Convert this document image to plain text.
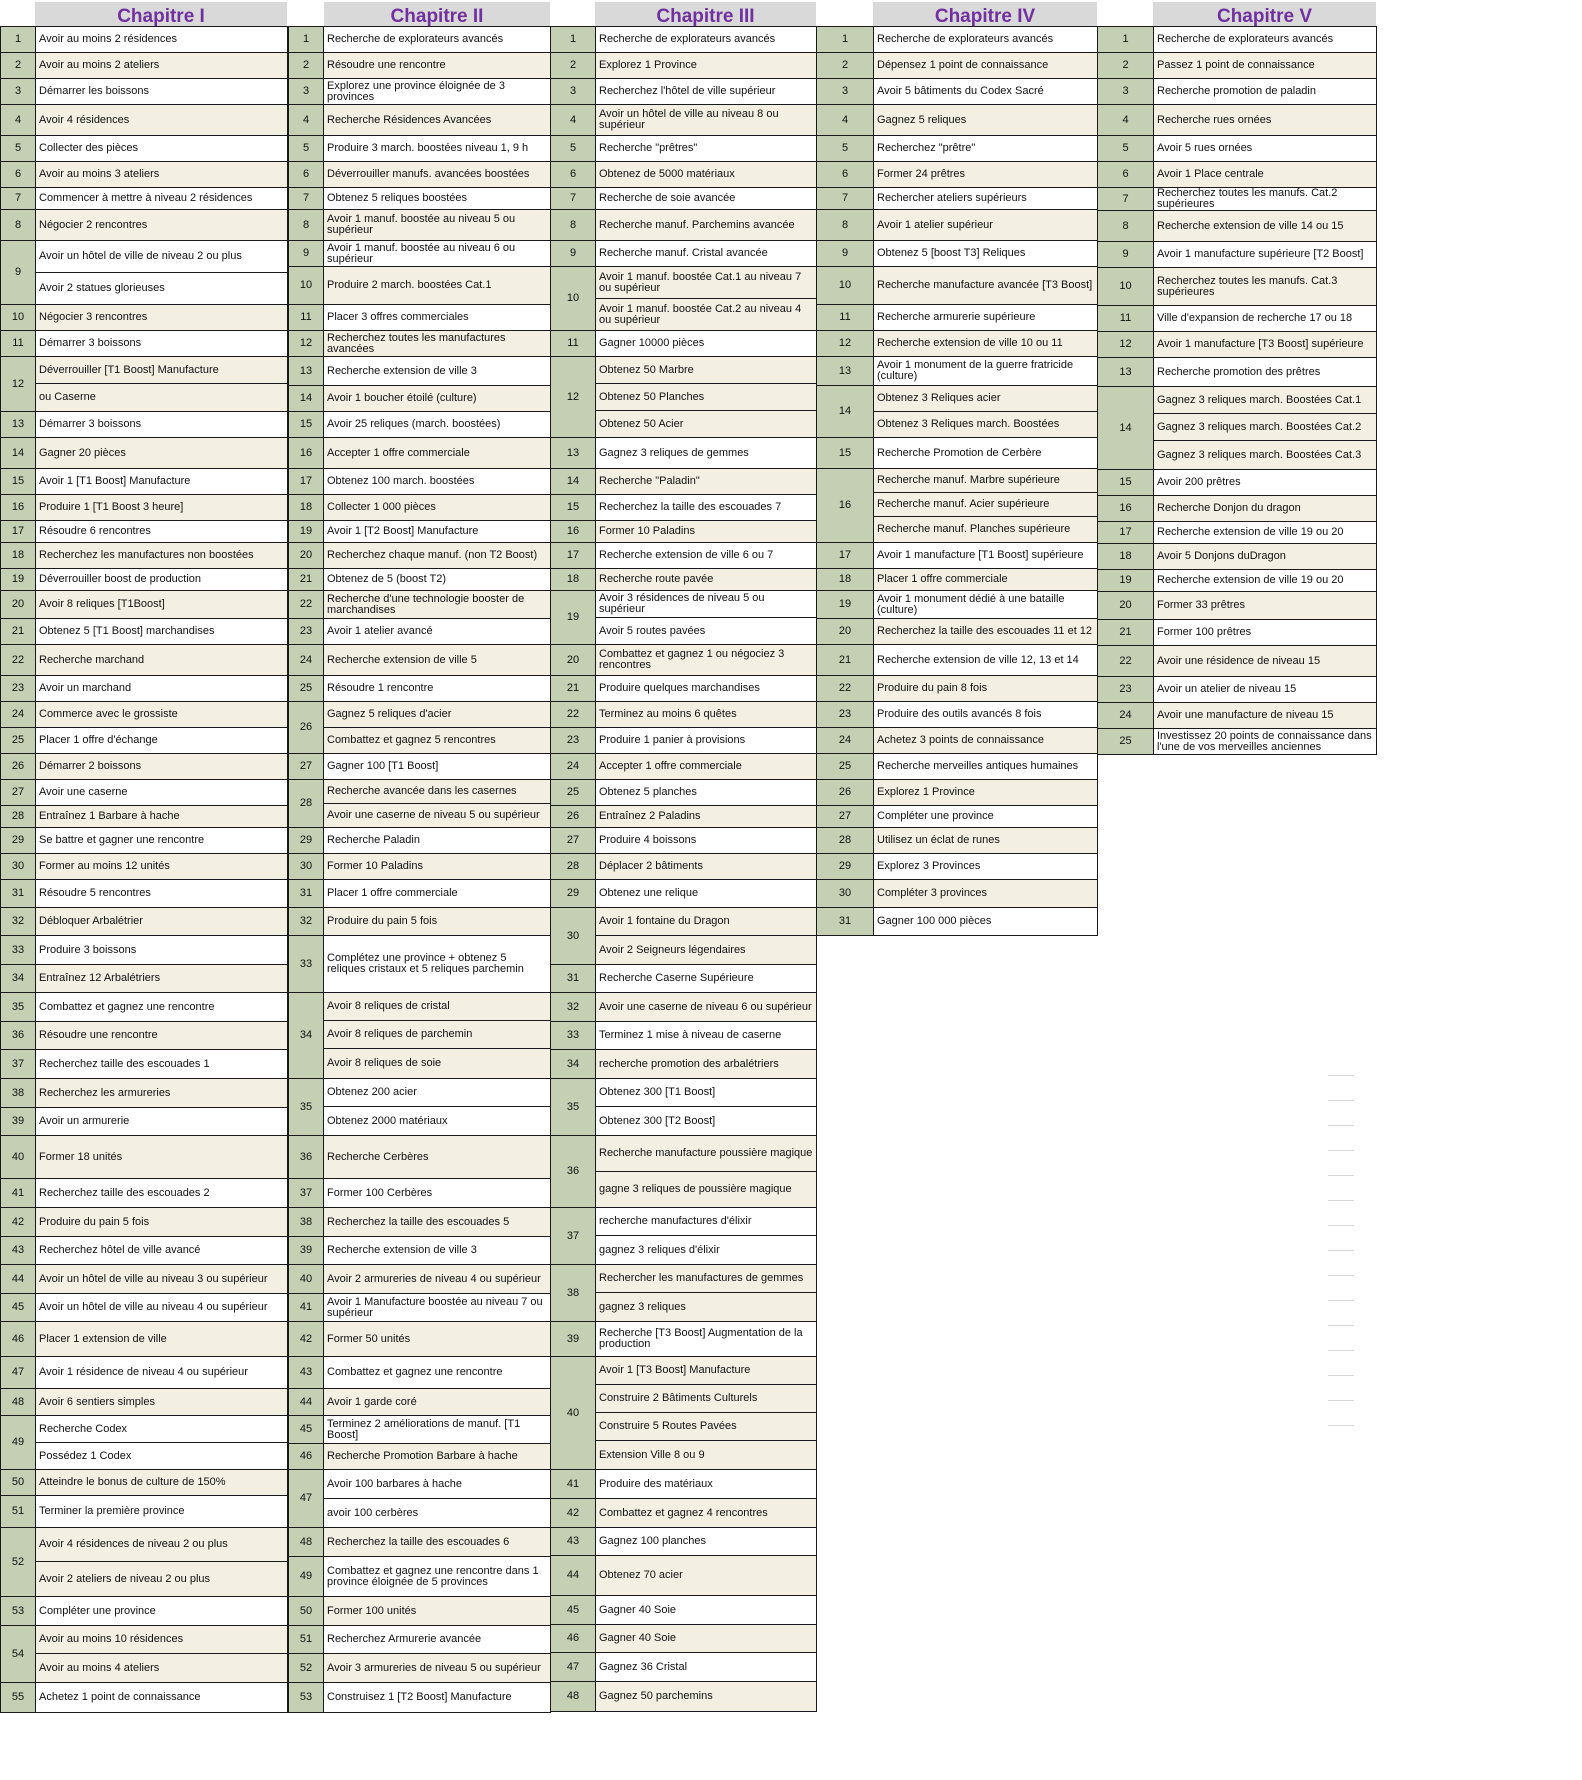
Chapitre I
1	Avoir au moins 2 résidences
2	Avoir au moins 2 ateliers
3	Démarrer les boissons
4	Avoir 4 résidences
5	Collecter des pièces
6	Avoir au moins 3 ateliers
7	Commencer à mettre à niveau 2 résidences
8	Négocier 2 rencontres
9	Avoir un hôtel de ville de niveau 2 ou plus
	Avoir 2 statues glorieuses
10	Négocier 3 rencontres
11	Démarrer 3 boissons
12	Déverrouiller [T1 Boost] Manufacture
	ou Caserne
13	Démarrer 3 boissons
14	Gagner 20 pièces
15	Avoir 1 [T1 Boost] Manufacture
16	Produire 1 [T1 Boost 3 heure]
17	Résoudre 6 rencontres
18	Recherchez les manufactures non boostées
19	Déverrouiller boost de production
20	Avoir 8 reliques [T1Boost]
21	Obtenez 5 [T1 Boost] marchandises
22	Recherche marchand
23	Avoir un marchand
24	Commerce avec le grossiste
25	Placer 1 offre d'échange
26	Démarrer 2 boissons
27	Avoir une caserne
28	Entraînez 1 Barbare à hache
29	Se battre et gagner une rencontre
30	Former au moins 12 unités
31	Résoudre 5 rencontres
32	Débloquer Arbalétrier
33	Produire 3 boissons
34	Entraînez 12 Arbalétriers
35	Combattez et gagnez une rencontre
36	Résoudre une rencontre
37	Recherchez taille des escouades 1
38	Recherchez les armureries
39	Avoir un armurerie
40	Former 18 unités
41	Recherchez taille des escouades 2
42	Produire du pain 5 fois
43	Recherchez hôtel de ville avancé
44	Avoir un hôtel de ville au niveau 3 ou supérieur
45	Avoir un hôtel de ville au niveau 4 ou supérieur
46	Placer 1 extension de ville
47	Avoir 1 résidence de niveau 4 ou supérieur
48	Avoir 6 sentiers simples
49	Recherche Codex
	Possédez 1 Codex
50	Atteindre le bonus de culture de 150%
51	Terminer la première province
52	Avoir 4 résidences de niveau 2 ou plus
	Avoir 2 ateliers de niveau 2 ou plus
53	Compléter une province
54	Avoir au moins 10 résidences
	Avoir au moins 4 ateliers
55	Achetez 1 point de connaissance
Chapitre II
1	Recherche de explorateurs avancés
2	Résoudre une rencontre
3	Explorez une province éloignée de 3 provinces
4	Recherche Résidences Avancées
5	Produire 3 march. boostées niveau 1, 9 h
6	Déverrouiller manufs. avancées boostées
7	Obtenez 5 reliques boostées
8	Avoir 1 manuf. boostée au niveau 5 ou supérieur
9	Avoir 1 manuf. boostée au niveau 6 ou supérieur
10	Produire 2 march. boostées Cat.1
11	Placer 3 offres commerciales
12	Recherchez toutes les manufactures avancées
13	Recherche extension de ville 3
14	Avoir 1 boucher étoilé (culture)
15	Avoir 25 reliques (march. boostées)
16	Accepter 1 offre commerciale
17	Obtenez 100 march. boostées
18	Collecter 1 000 pièces
19	Avoir 1 [T2 Boost] Manufacture
20	Recherchez chaque manuf. (non T2 Boost)
21	Obtenez de 5 (boost T2)
22	Recherche d'une technologie booster de marchandises
23	Avoir 1 atelier avancé
24	Recherche extension de ville 5
25	Résoudre 1 rencontre
26	Gagnez 5 reliques d'acier
	Combattez et gagnez 5 rencontres
27	Gagner 100 [T1 Boost]
28	Recherche avancée dans les casernes
	Avoir une caserne de niveau 5 ou supérieur
29	Recherche Paladin
30	Former 10 Paladins
31	Placer 1 offre commerciale
32	Produire du pain 5 fois
33	Complétez une province + obtenez 5 reliques cristaux et 5 reliques parchemin
34	Avoir 8 reliques de cristal
	Avoir 8 reliques de parchemin
	Avoir 8 reliques de soie
35	Obtenez 200 acier
	Obtenez 2000 matériaux
36	Recherche Cerbères
37	Former 100 Cerbères
38	Recherchez la taille des escouades 5
39	Recherche extension de ville 3
40	Avoir 2 armureries de niveau 4 ou supérieur
41	Avoir 1 Manufacture boostée au niveau 7 ou supérieur
42	Former 50 unités
43	Combattez et gagnez une rencontre
44	Avoir 1 garde coré
45	Terminez 2 améliorations de manuf. [T1 Boost]
46	Recherche Promotion Barbare à hache
47	Avoir 100 barbares à hache
	avoir 100 cerbères
48	Recherchez la taille des escouades 6
49	Combattez et gagnez une rencontre dans 1 province éloignée de 5 provinces
50	Former 100 unités
51	Recherchez Armurerie avancée
52	Avoir 3 armureries de niveau 5 ou supérieur
53	Construisez 1 [T2 Boost] Manufacture
Chapitre III
1	Recherche de explorateurs avancés
2	Explorez 1 Province
3	Recherchez l'hôtel de ville supérieur
4	Avoir un hôtel de ville au niveau 8 ou supérieur
5	Recherche "prêtres"
6	Obtenez de 5000 matériaux
7	Recherche de soie avancée
8	Recherche manuf. Parchemins avancée
9	Recherche manuf. Cristal avancée
10	Avoir 1 manuf. boostée Cat.1 au niveau 7 ou supérieur
	Avoir 1 manuf. boostée Cat.2 au niveau 4 ou supérieur
11	Gagner 10000 pièces
12	Obtenez 50 Marbre
	Obtenez 50 Planches
	Obtenez 50 Acier
13	Gagnez 3 reliques de gemmes
14	Recherche "Paladin"
15	Recherchez la taille des escouades 7
16	Former 10 Paladins
17	Recherche extension de ville 6 ou 7
18	Recherche route pavée
19	Avoir 3 résidences de niveau 5 ou supérieur
	Avoir 5 routes pavées
20	Combattez et gagnez 1 ou négociez 3 rencontres
21	Produire quelques marchandises
22	Terminez au moins 6 quêtes
23	Produire 1 panier à provisions
24	Accepter 1 offre commerciale
25	Obtenez 5 planches
26	Entraînez 2 Paladins
27	Produire 4 boissons
28	Déplacer 2 bâtiments
29	Obtenez une relique
30	Avoir 1 fontaine du Dragon
	Avoir 2 Seigneurs légendaires
31	Recherche Caserne Supérieure
32	Avoir une caserne de niveau 6 ou supérieur
33	Terminez 1 mise à niveau de caserne
34	recherche promotion des arbalétriers
35	Obtenez 300 [T1 Boost]
	Obtenez 300 [T2 Boost]
36	Recherche manufacture poussière magique
	gagne 3 reliques de poussière magique
37	recherche manufactures d'élixir
	gagnez 3 reliques d'élixir
38	Rechercher les manufactures de gemmes
	gagnez 3 reliques
39	Recherche [T3 Boost] Augmentation de la production
40	Avoir 1 [T3 Boost] Manufacture
	Construire 2 Bâtiments Culturels
	Construire 5 Routes Pavées
	Extension Ville 8 ou 9
41	Produire des matériaux
42	Combattez et gagnez 4 rencontres
43	Gagnez 100 planches
44	Obtenez 70 acier
45	Gagner 40 Soie
46	Gagner 40 Soie
47	Gagnez 36 Cristal
48	Gagnez 50 parchemins
Chapitre IV
1	Recherche de explorateurs avancés
2	Dépensez 1 point de connaissance
3	Avoir 5 bâtiments du Codex Sacré
4	Gagnez 5 reliques
5	Recherchez "prêtre"
6	Former 24 prêtres
7	Rechercher ateliers supérieurs
8	Avoir 1 atelier supérieur
9	Obtenez 5 [boost T3] Reliques
10	Recherche manufacture avancée [T3 Boost]
11	Recherche armurerie supérieure
12	Recherche extension de ville 10 ou 11
13	Avoir 1 monument de la guerre fratricide (culture)
14	Obtenez 3 Reliques acier
	Obtenez 3 Reliques march. Boostées
15	Recherche Promotion de Cerbère
16	Recherche manuf. Marbre supérieure
	Recherche manuf. Acier supérieure
	Recherche manuf. Planches supérieure
17	Avoir 1 manufacture [T1 Boost] supérieure
18	Placer 1 offre commerciale
19	Avoir 1 monument dédié à une bataille (culture)
20	Recherchez la taille des escouades 11 et 12
21	Recherche extension de ville 12, 13 et 14
22	Produire du pain 8 fois
23	Produire des outils avancés 8 fois
24	Achetez 3 points de connaissance
25	Recherche merveilles antiques humaines
26	Explorez 1 Province
27	Compléter une province
28	Utilisez un éclat de runes
29	Explorez 3 Provinces
30	Compléter 3 provinces
31	Gagner 100 000 pièces
Chapitre V
1	Recherche de explorateurs avancés
2	Passez 1 point de connaissance
3	Recherche promotion de paladin
4	Recherche rues ornées
5	Avoir 5 rues ornées
6	Avoir 1 Place centrale
7	Recherchez toutes les manufs. Cat.2 supérieures
8	Recherche extension de ville 14 ou 15
9	Avoir 1 manufacture supérieure [T2 Boost]
10	Recherchez toutes les manufs. Cat.3 supérieures
11	Ville d'expansion de recherche 17 ou 18
12	Avoir 1 manufacture [T3 Boost] supérieure
13	Recherche promotion des prêtres
14	Gagnez 3 reliques march. Boostées Cat.1
	Gagnez 3 reliques march. Boostées Cat.2
	Gagnez 3 reliques march. Boostées Cat.3
15	Avoir 200 prêtres
16	Recherche Donjon du dragon
17	Recherche extension de ville 19 ou 20
18	Avoir 5 Donjons duDragon
19	Recherche extension de ville 19 ou 20
20	Former 33 prêtres
21	Former 100 prêtres
22	Avoir une résidence de niveau 15
23	Avoir un atelier de niveau 15
24	Avoir une manufacture de niveau 15
25	Investissez 20 points de connaissance dans l'une de vos merveilles anciennes
